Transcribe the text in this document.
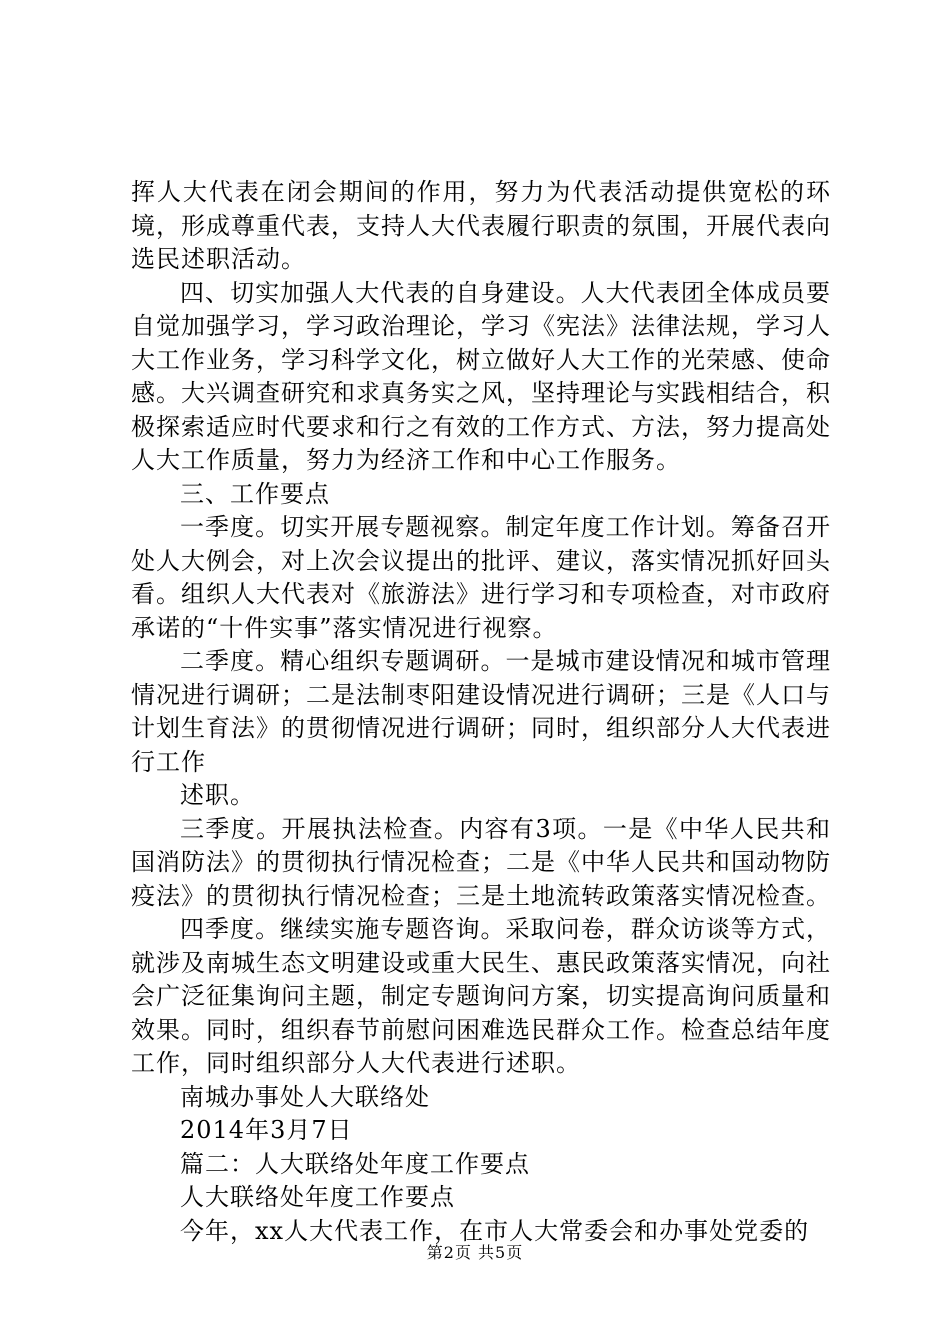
挥人大代表在闭会期间的作用，努力为代表活动提供宽松的环境，形成尊重代表，支持人大代表履行职责的氛围，开展代表向选民述职活动。

四、切实加强人大代表的自身建设。人大代表团全体成员要自觉加强学习，学习政治理论，学习《宪法》法律法规，学习人大工作业务，学习科学文化，树立做好人大工作的光荣感、使命感。大兴调查研究和求真务实之风，坚持理论与实践相结合，积极探索适应时代要求和行之有效的工作方式、方法，努力提高处人大工作质量，努力为经济工作和中心工作服务。

三、工作要点

一季度。切实开展专题视察。制定年度工作计划。筹备召开处人大例会，对上次会议提出的批评、建议，落实情况抓好回头看。组织人大代表对《旅游法》进行学习和专项检查，对市政府承诺的“十件实事”落实情况进行视察。

二季度。精心组织专题调研。一是城市建设情况和城市管理情况进行调研；二是法制枣阳建设情况进行调研；三是《人口与计划生育法》的贯彻情况进行调研；同时，组织部分人大代表进行工作

述职。

三季度。开展执法检查。内容有3项。一是《中华人民共和国消防法》的贯彻执行情况检查；二是《中华人民共和国动物防疫法》的贯彻执行情况检查；三是土地流转政策落实情况检查。

四季度。继续实施专题咨询。采取问卷，群众访谈等方式，就涉及南城生态文明建设或重大民生、惠民政策落实情况，向社会广泛征集询问主题，制定专题询问方案，切实提高询问质量和效果。同时，组织春节前慰问困难选民群众工作。检查总结年度工作，同时组织部分人大代表进行述职。

南城办事处人大联络处

2014年3月7日

篇二：人大联络处年度工作要点

人大联络处年度工作要点

今年，xx人大代表工作，在市人大常委会和办事处党委的

第2页 共5页
